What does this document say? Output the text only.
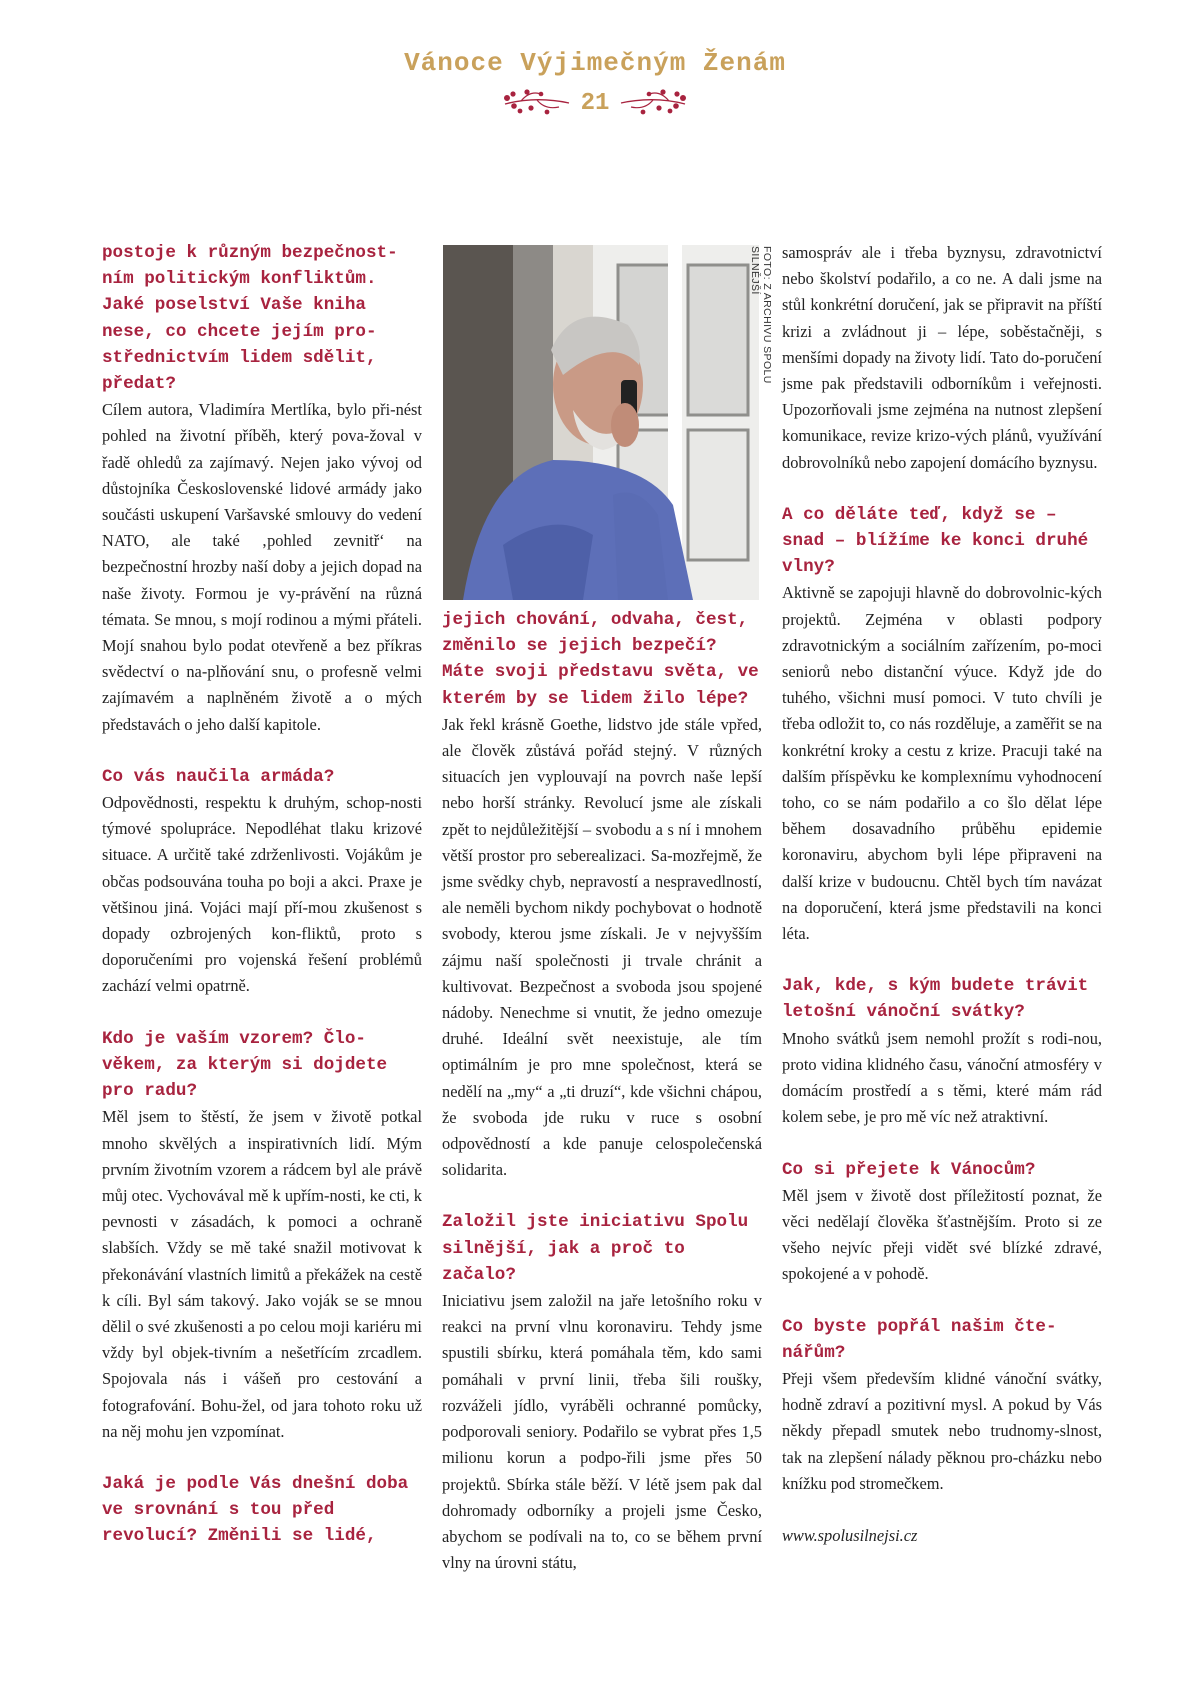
Vánoce Výjimečným Ženám
21

postoje k různým bezpečnost-ním politickým konfliktům. Jaké poselství Vaše kniha nese, co chcete jejím pro-střednictvím lidem sdělit, předat?

Cílem autora, Vladimíra Mertlíka, bylo při-nést pohled na životní příběh, který pova-žoval v řadě ohledů za zajímavý. Nejen jako vývoj od důstojníka Československé lidové armády jako součásti uskupení Varšavské smlouvy do vedení NATO, ale také ‚pohled zevnitř‘ na bezpečnostní hrozby naší doby a jejich dopad na naše životy. Formou je vy-právění na různá témata. Se mnou, s mojí rodinou a mými přáteli. Mojí snahou bylo podat otevřeně a bez příkras svědectví o na-plňování snu, o profesně velmi zajímavém a naplněném životě a o mých představách o jeho další kapitole.

Co vás naučila armáda?

Odpovědnosti, respektu k druhým, schop-nosti týmové spolupráce. Nepodléhat tlaku krizové situace. A určitě také zdrženlivosti. Vojákům je občas podsouvána touha po boji a akci. Praxe je většinou jiná. Vojáci mají pří-mou zkušenost s dopady ozbrojených kon-fliktů, proto s doporučeními pro vojenská řešení problémů zachází velmi opatrně.

Kdo je vaším vzorem? Člo-věkem, za kterým si dojdete pro radu?

Měl jsem to štěstí, že jsem v životě potkal mnoho skvělých a inspirativních lidí. Mým prvním životním vzorem a rádcem byl ale právě můj otec. Vychovával mě k upřím-nosti, ke cti, k pevnosti v zásadách, k pomoci a ochraně slabších. Vždy se mě také snažil motivovat k překonávání vlastních limitů a překážek na cestě k cíli. Byl sám takový. Jako voják se se mnou dělil o své zkušenosti a po celou moji kariéru mi vždy byl objek-tivním a nešetřícím zrcadlem. Spojovala nás i vášeň pro cestování a fotografování. Bohu-žel, od jara tohoto roku už na něj mohu jen vzpomínat.

Jaká je podle Vás dnešní doba ve srovnání s tou před revolucí? Změnili se lidé,

FOTO: Z ARCHIVU SPOLU SILNĚJŠÍ

jejich chování, odvaha, čest, změnilo se jejich bezpečí? Máte svoji představu světa, ve kterém by se lidem žilo lépe?

Jak řekl krásně Goethe, lidstvo jde stále vpřed, ale člověk zůstává pořád stejný. V různých situacích jen vyplouvají na povrch naše lepší nebo horší stránky. Revolucí jsme ale získali zpět to nejdůležitější – svobodu a s ní i mnohem větší prostor pro seberealizaci. Sa-mozřejmě, že jsme svědky chyb, nepravostí a nespravedlností, ale neměli bychom nikdy pochybovat o hodnotě svobody, kterou jsme získali. Je v nejvyšším zájmu naší společnosti ji trvale chránit a kultivovat. Bezpečnost a svoboda jsou spojené nádoby. Nenechme si vnutit, že jedno omezuje druhé. Ideální svět neexistuje, ale tím optimálním je pro mne společnost, která se nedělí na „my“ a „ti druzí“, kde všichni chápou, že svoboda jde ruku v ruce s osobní odpovědností a kde panuje celospolečenská solidarita.

Založil jste iniciativu Spolu silnější, jak a proč to začalo?

Iniciativu jsem založil na jaře letošního roku v reakci na první vlnu koronaviru. Tehdy jsme spustili sbírku, která pomáhala těm, kdo sami pomáhali v první linii, třeba šili roušky, rozváželi jídlo, vyráběli ochranné pomůcky, podporovali seniory. Podařilo se vybrat přes 1,5 milionu korun a podpo-řili jsme přes 50 projektů. Sbírka stále běží. V létě jsem pak dal dohromady odborníky a projeli jsme Česko, abychom se podívali na to, co se během první vlny na úrovni státu,

samospráv ale i třeba byznysu, zdravotnictví nebo školství podařilo, a co ne. A dali jsme na stůl konkrétní doručení, jak se připravit na příští krizi a zvládnout ji – lépe, soběstačněji, s menšími dopady na životy lidí. Tato do-poručení jsme pak představili odborníkům i veřejnosti. Upozorňovali jsme zejména na nutnost zlepšení komunikace, revize krizo-vých plánů, využívání dobrovolníků nebo zapojení domácího byznysu.

A co děláte teď, když se – snad – blížíme ke konci druhé vlny?

Aktivně se zapojuji hlavně do dobrovolnic-kých projektů. Zejména v oblasti podpory zdravotnickým a sociálním zařízením, po-moci seniorů nebo distanční výuce. Když jde do tuhého, všichni musí pomoci. V tuto chvíli je třeba odložit to, co nás rozděluje, a zaměřit se na konkrétní kroky a cestu z krize. Pracuji také na dalším příspěvku ke komplexnímu vyhodnocení toho, co se nám podařilo a co šlo dělat lépe během dosavadního průběhu epidemie koronaviru, abychom byli lépe připraveni na další krize v budoucnu. Chtěl bych tím navázat na doporučení, která jsme představili na konci léta.

Jak, kde, s kým budete trávit letošní vánoční svátky?

Mnoho svátků jsem nemohl prožít s rodi-nou, proto vidina klidného času, vánoční atmosféry v domácím prostředí a s těmi, které mám rád kolem sebe, je pro mě víc než atraktivní.

Co si přejete k Vánocům?

Měl jsem v životě dost příležitostí poznat, že věci nedělají člověka šťastnějším. Proto si ze všeho nejvíc přeji vidět své blízké zdravé, spokojené a v pohodě.

Co byste popřál našim čte-nářům?

Přeji všem především klidné vánoční svátky, hodně zdraví a pozitivní mysl. A pokud by Vás někdy přepadl smutek nebo trudnomy-slnost, tak na zlepšení nálady pěknou pro-cházku nebo knížku pod stromečkem.

www.spolusilnejsi.cz
